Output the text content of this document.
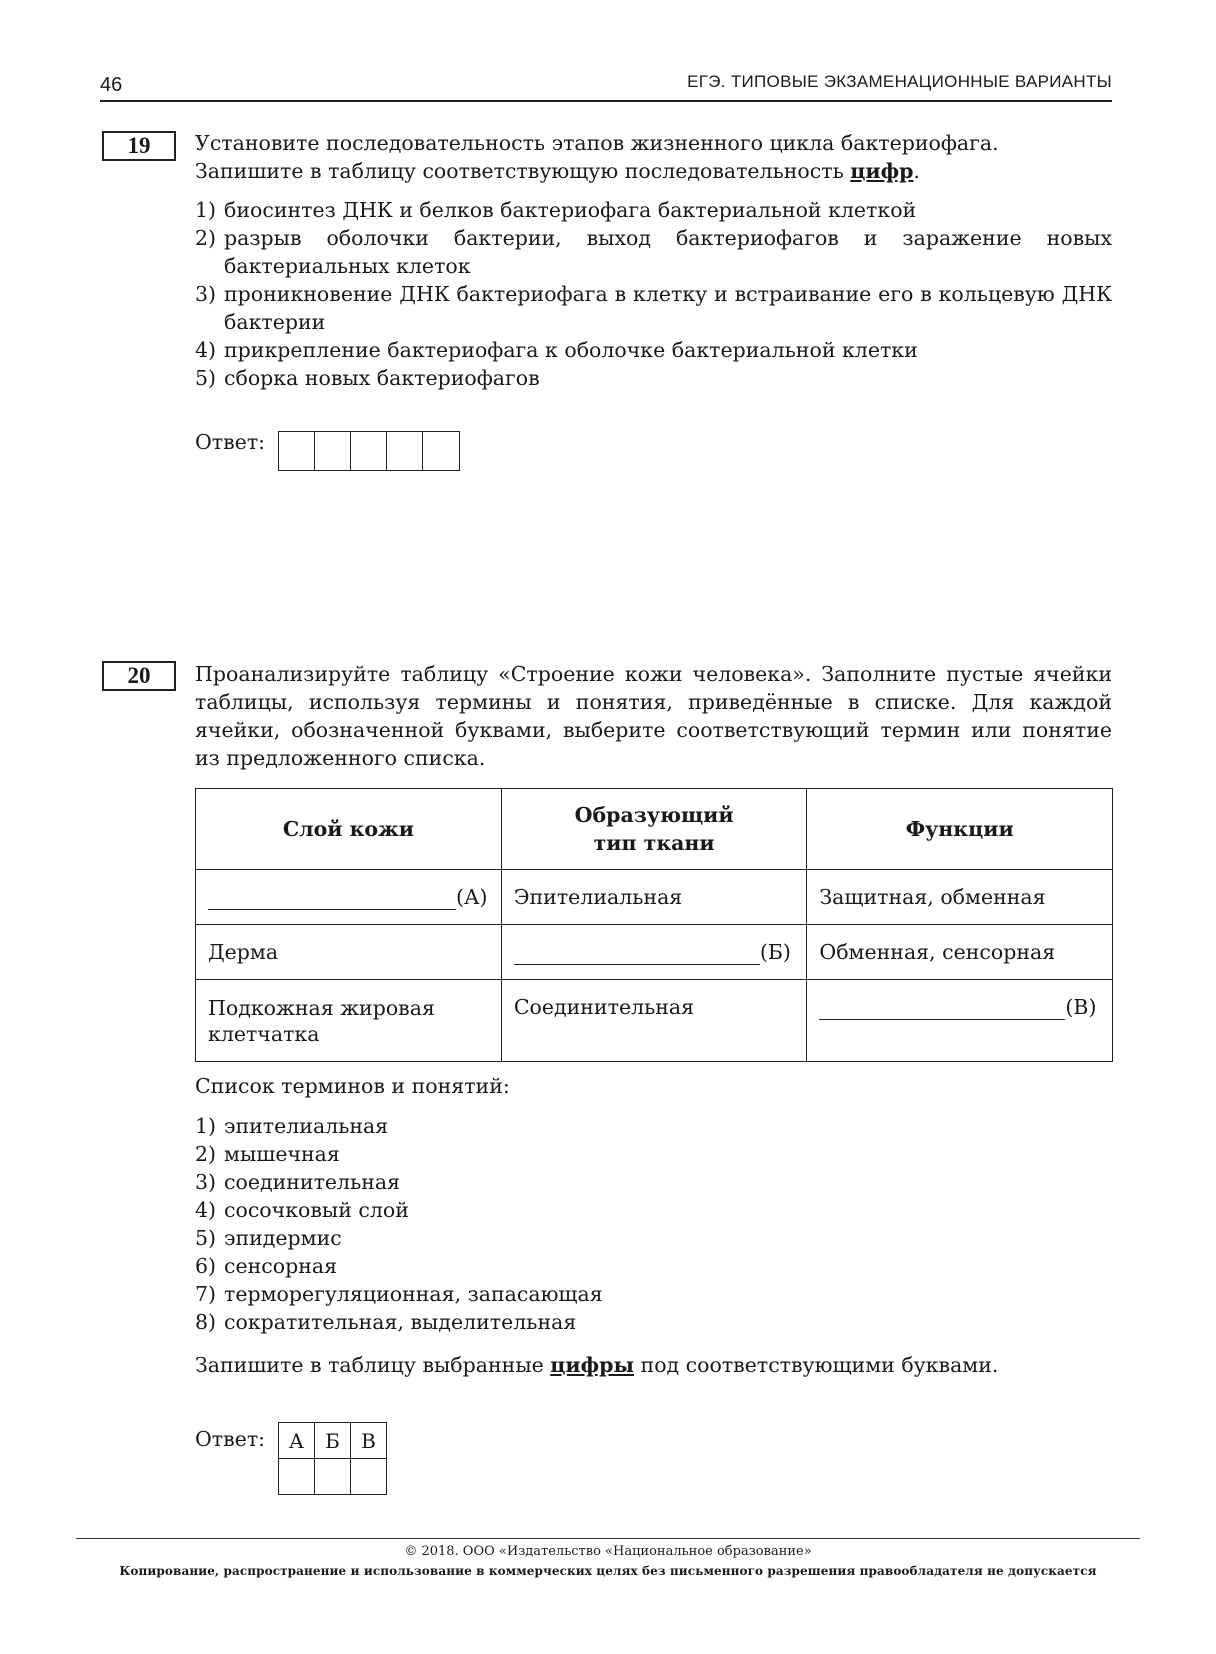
46	ЕГЭ. ТИПОВЫЕ ЭКЗАМЕНАЦИОННЫЕ ВАРИАНТЫ
19	Установите последовательность этапов жизненного цикла бактериофага.
Запишите в таблицу соответствующую последовательность цифр.
1) биосинтез ДНК и белков бактериофага бактериальной клеткой
2) разрыв оболочки бактерии, выход бактериофагов и заражение новых бактериальных клеток
3) проникновение ДНК бактериофага в клетку и встраивание его в кольцевую ДНК бактерии
4) прикрепление бактериофага к оболочке бактериальной клетки
5) сборка новых бактериофагов
Ответ:
20	Проанализируйте таблицу «Строение кожи человека». Заполните пустые ячейки таблицы, используя термины и понятия, приведённые в списке. Для каждой ячейки, обозначенной буквами, выберите соответствующий термин или понятие из предложенного списка.
Слой кожи	Образующий тип ткани	Функции

(А)	Эпителиальная	Защитная, обменная
Дерма	(Б)	Обменная, сенсорная

Подкожная жировая клетчатка	Соединительная	(В)
Список терминов и понятий:
1) эпителиальная
2) мышечная
3) соединительная
4) сосочковый слой
5) эпидермис
6) сенсорная
7) терморегуляционная, запасающая
8) сократительная, выделительная
Запишите в таблицу выбранные цифры под соответствующими буквами.
Ответ: А	Б	В

© 2018. ООО «Издательство «Национальное образование»
Копирование, распространение и использование в коммерческих целях без письменного разрешения правообладателя не допускается
